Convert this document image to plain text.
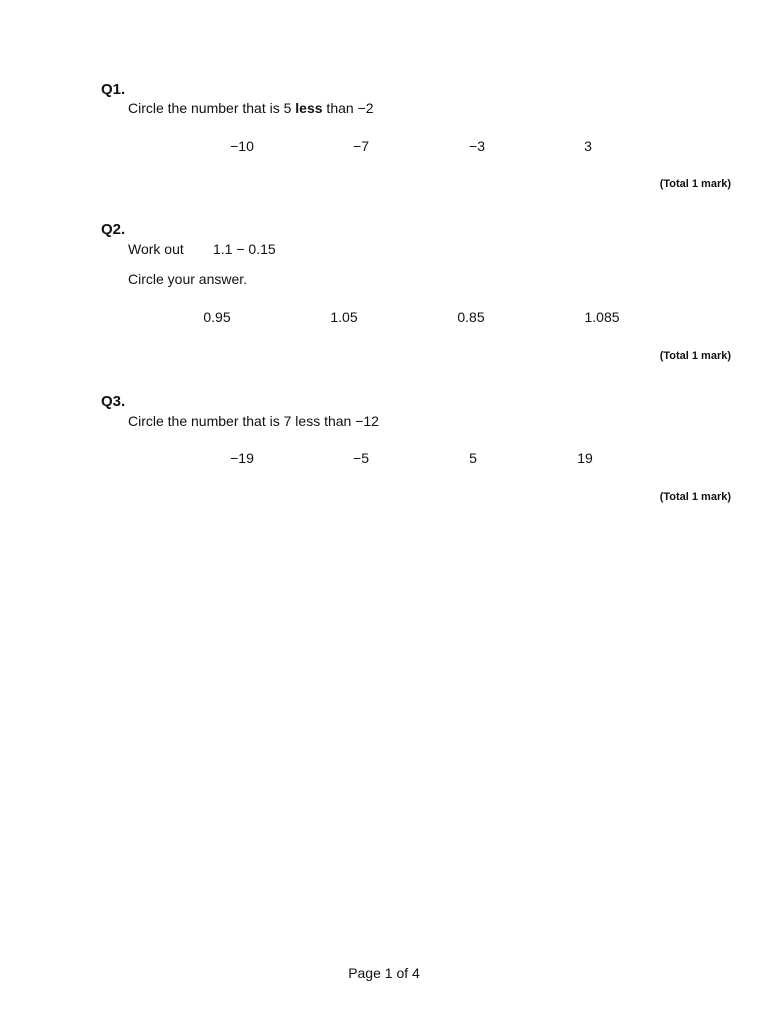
Q1.

Circle the number that is 5 less than −2

−10	−7	−3	3
(Total 1 mark)
Q2.

Work out 1.1 − 0.15

Circle your answer.

0.95	1.05	0.85	1.085
(Total 1 mark)
Q3.

Circle the number that is 7 less than −12

−19	−5	5	19
(Total 1 mark)
Page 1 of 4
